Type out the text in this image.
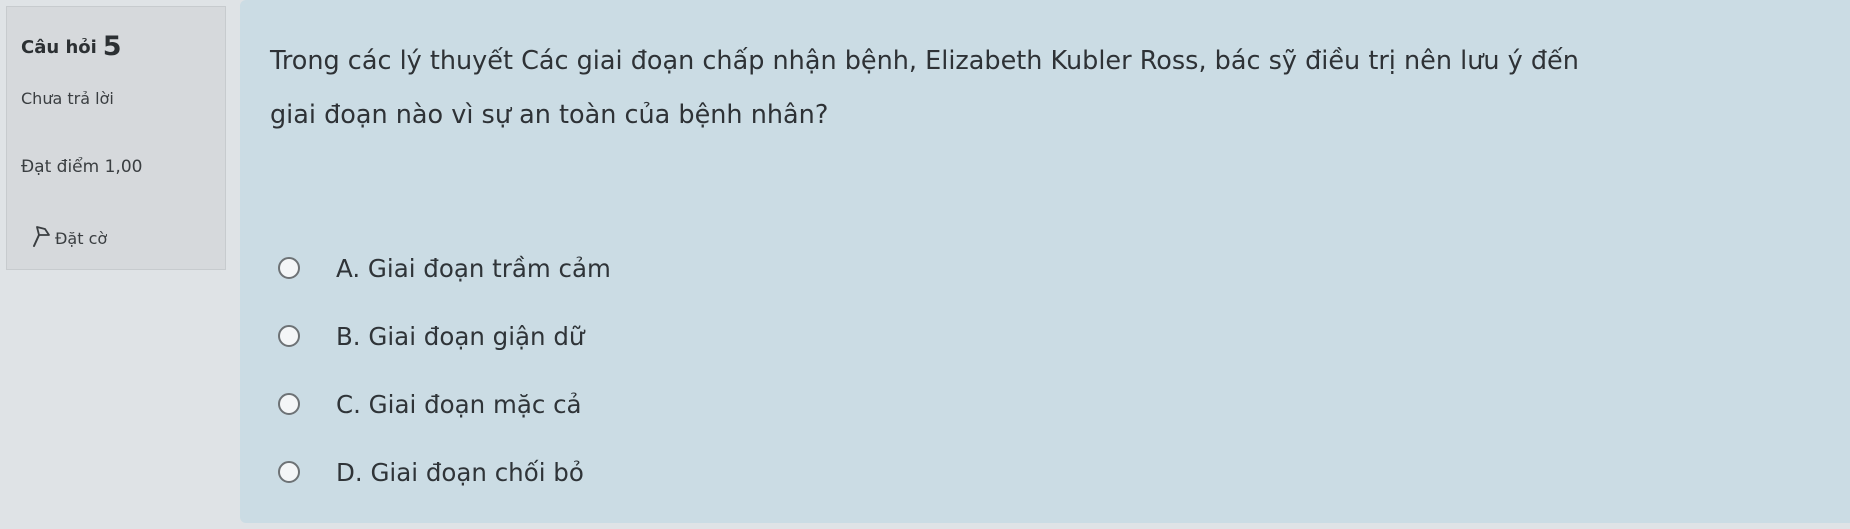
Câu hỏi 5
Chưa trả lời
Đạt điểm 1,00
Đặt cờ
Trong các lý thuyết Các giai đoạn chấp nhận bệnh, Elizabeth Kubler Ross, bác sỹ điều trị nên lưu ý đến
giai đoạn nào vì sự an toàn của bệnh nhân?
A. Giai đoạn trầm cảm
B. Giai đoạn giận dữ
C. Giai đoạn mặc cả
D. Giai đoạn chối bỏ
